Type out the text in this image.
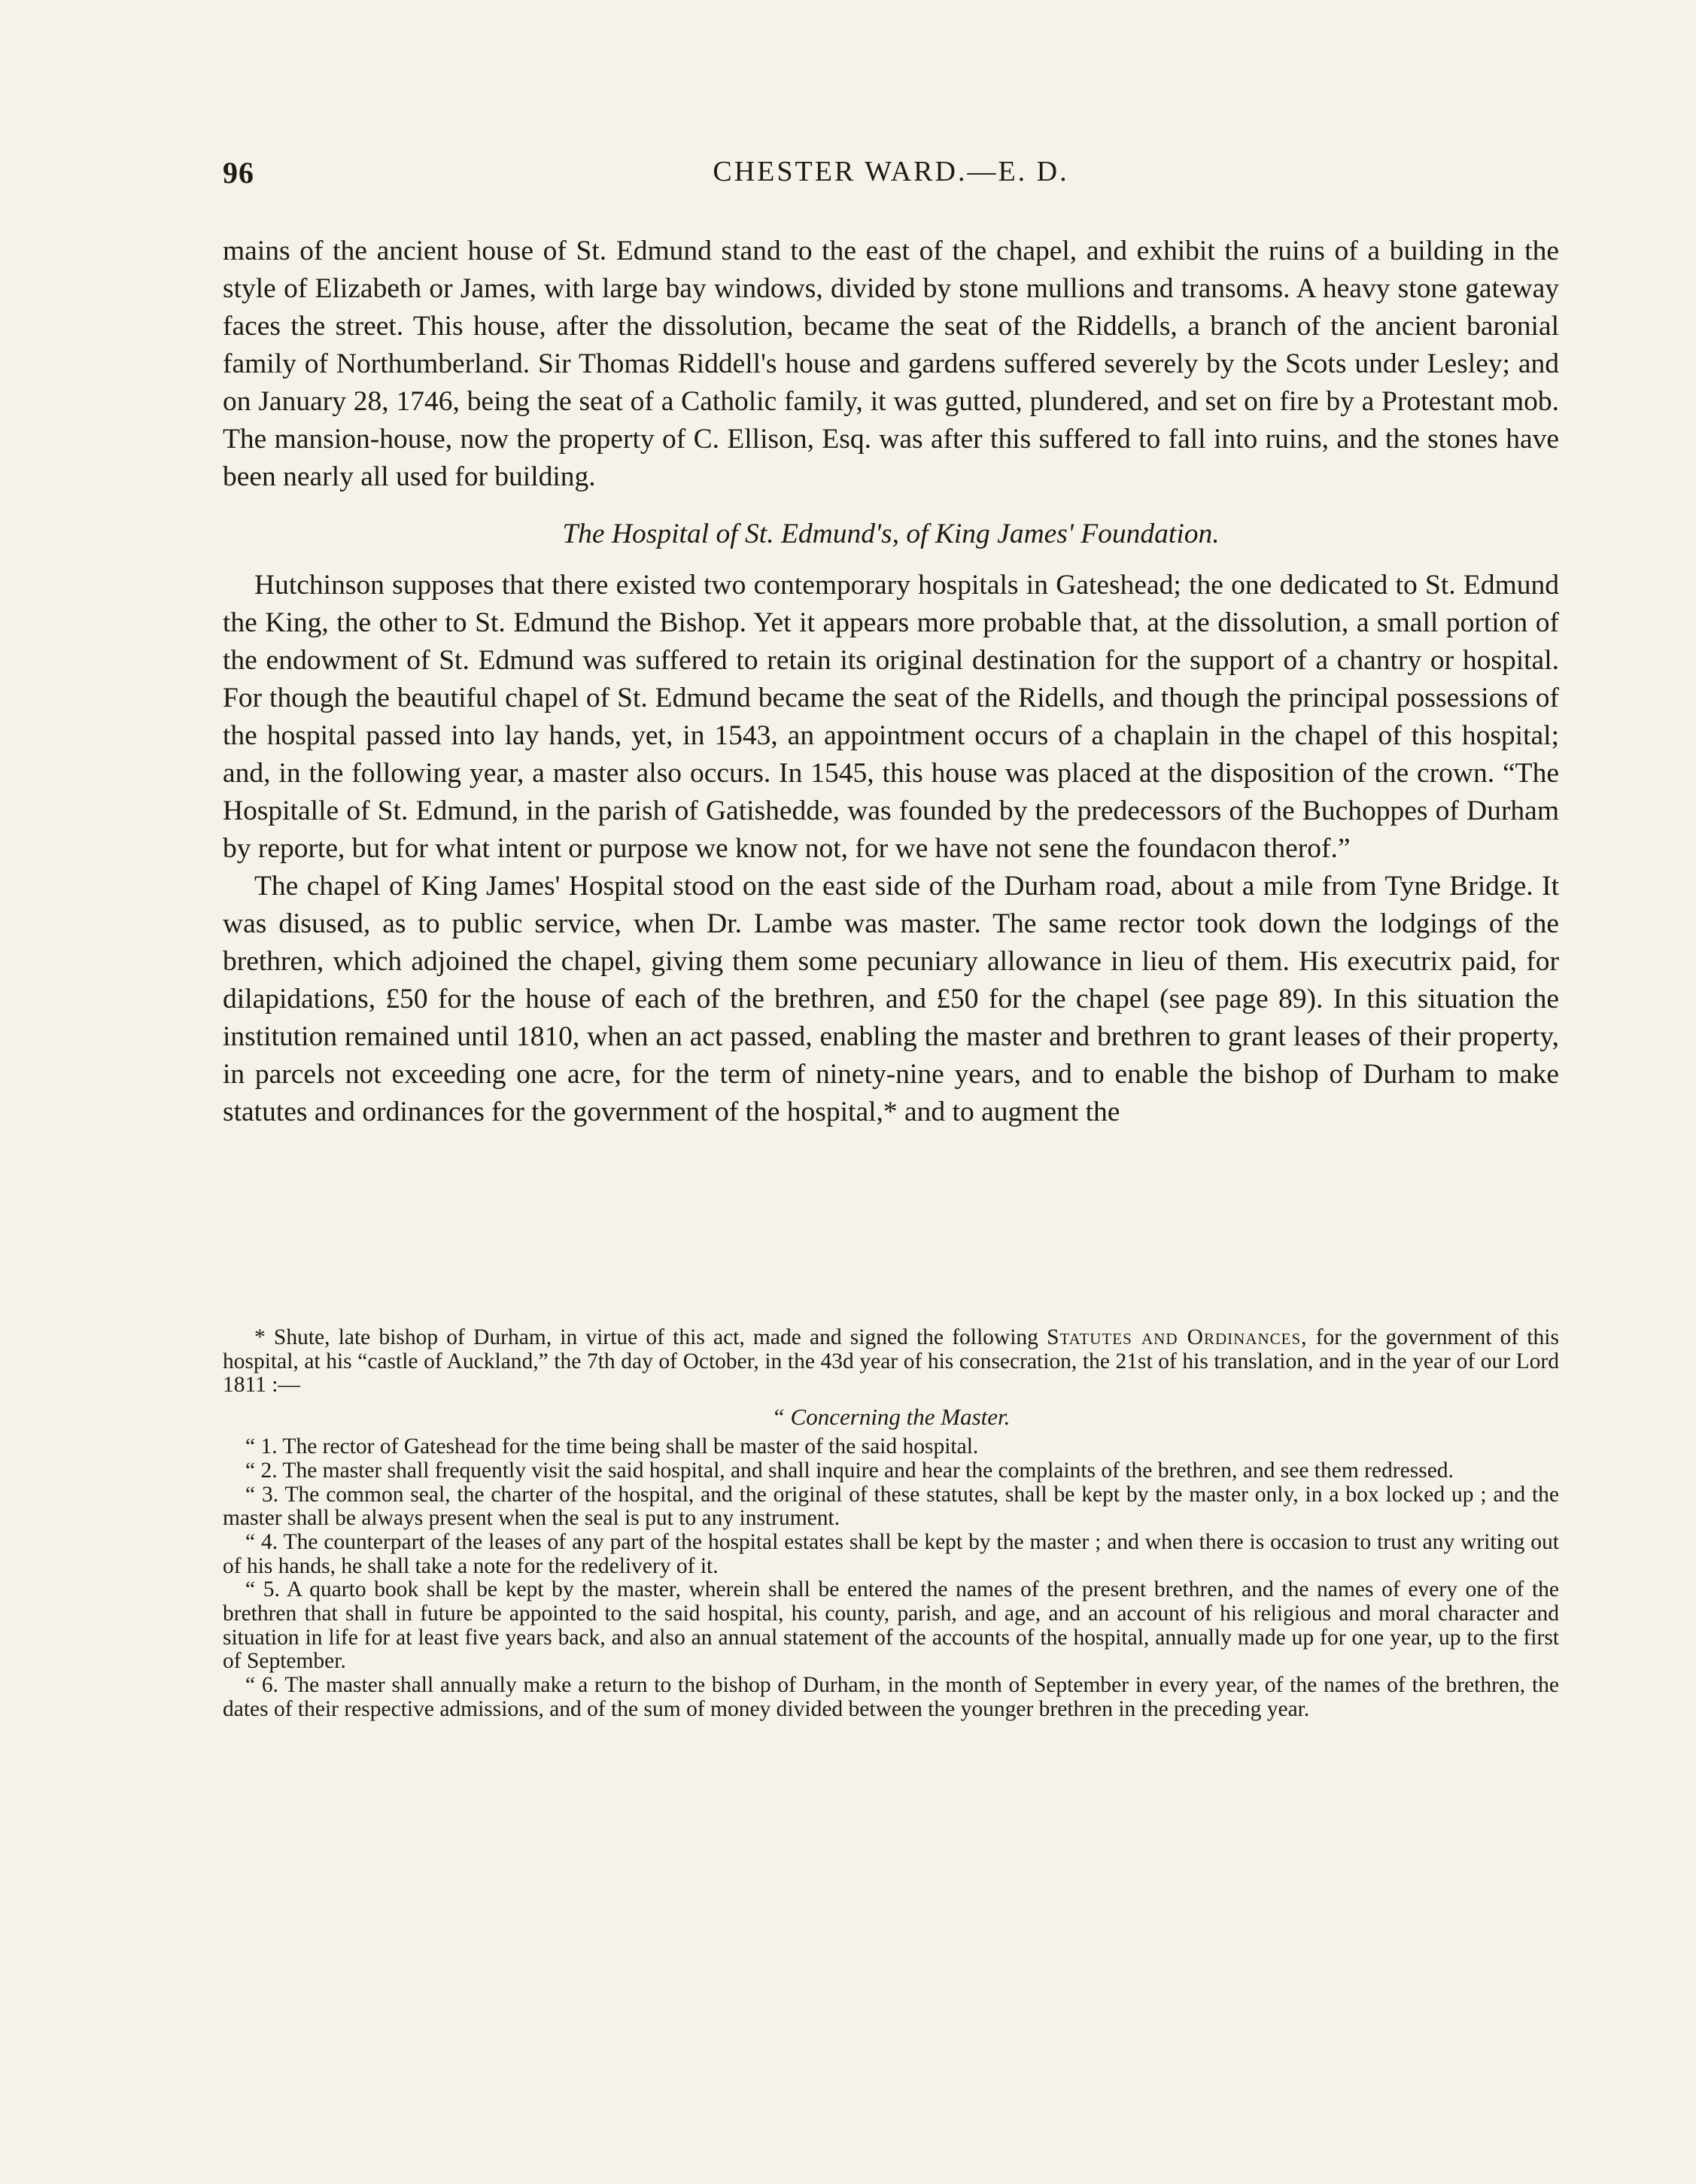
96	CHESTER WARD.—E. D.

mains of the ancient house of St. Edmund stand to the east of the chapel, and exhibit the ruins of a building in the style of Elizabeth or James, with large bay windows, divided by stone mullions and transoms. A heavy stone gateway faces the street. This house, after the dissolution, became the seat of the Riddells, a branch of the ancient baronial family of Northumberland. Sir Thomas Riddell's house and gardens suffered severely by the Scots under Lesley; and on January 28, 1746, being the seat of a Catholic family, it was gutted, plundered, and set on fire by a Protestant mob. The mansion-house, now the property of C. Ellison, Esq. was after this suffered to fall into ruins, and the stones have been nearly all used for building.

The Hospital of St. Edmund's, of King James' Foundation.

Hutchinson supposes that there existed two contemporary hospitals in Gateshead; the one dedicated to St. Edmund the King, the other to St. Edmund the Bishop. Yet it appears more probable that, at the dissolution, a small portion of the endowment of St. Edmund was suffered to retain its original destination for the support of a chantry or hospital. For though the beautiful chapel of St. Edmund became the seat of the Ridells, and though the principal possessions of the hospital passed into lay hands, yet, in 1543, an appointment occurs of a chaplain in the chapel of this hospital; and, in the following year, a master also occurs. In 1545, this house was placed at the disposition of the crown. “The Hospitalle of St. Edmund, in the parish of Gatishedde, was founded by the predecessors of the Buchoppes of Durham by reporte, but for what intent or purpose we know not, for we have not sene the foundacon therof.”

The chapel of King James' Hospital stood on the east side of the Durham road, about a mile from Tyne Bridge. It was disused, as to public service, when Dr. Lambe was master. The same rector took down the lodgings of the brethren, which adjoined the chapel, giving them some pecuniary allowance in lieu of them. His executrix paid, for dilapidations, £50 for the house of each of the brethren, and £50 for the chapel (see page 89). In this situation the institution remained until 1810, when an act passed, enabling the master and brethren to grant leases of their property, in parcels not exceeding one acre, for the term of ninety-nine years, and to enable the bishop of Durham to make statutes and ordinances for the government of the hospital,* and to augment the

* Shute, late bishop of Durham, in virtue of this act, made and signed the following Statutes and Ordinances, for the government of this hospital, at his “castle of Auckland,” the 7th day of October, in the 43d year of his consecration, the 21st of his translation, and in the year of our Lord 1811 :—

“ Concerning the Master.

“ 1. The rector of Gateshead for the time being shall be master of the said hospital.

“ 2. The master shall frequently visit the said hospital, and shall inquire and hear the complaints of the brethren, and see them redressed.

“ 3. The common seal, the charter of the hospital, and the original of these statutes, shall be kept by the master only, in a box locked up ; and the master shall be always present when the seal is put to any instrument.

“ 4. The counterpart of the leases of any part of the hospital estates shall be kept by the master ; and when there is occasion to trust any writing out of his hands, he shall take a note for the redelivery of it.

“ 5. A quarto book shall be kept by the master, wherein shall be entered the names of the present brethren, and the names of every one of the brethren that shall in future be appointed to the said hospital, his county, parish, and age, and an account of his religious and moral character and situation in life for at least five years back, and also an annual statement of the accounts of the hospital, annually made up for one year, up to the first of September.

“ 6. The master shall annually make a return to the bishop of Durham, in the month of September in every year, of the names of the brethren, the dates of their respective admissions, and of the sum of money divided between the younger brethren in the preceding year.
